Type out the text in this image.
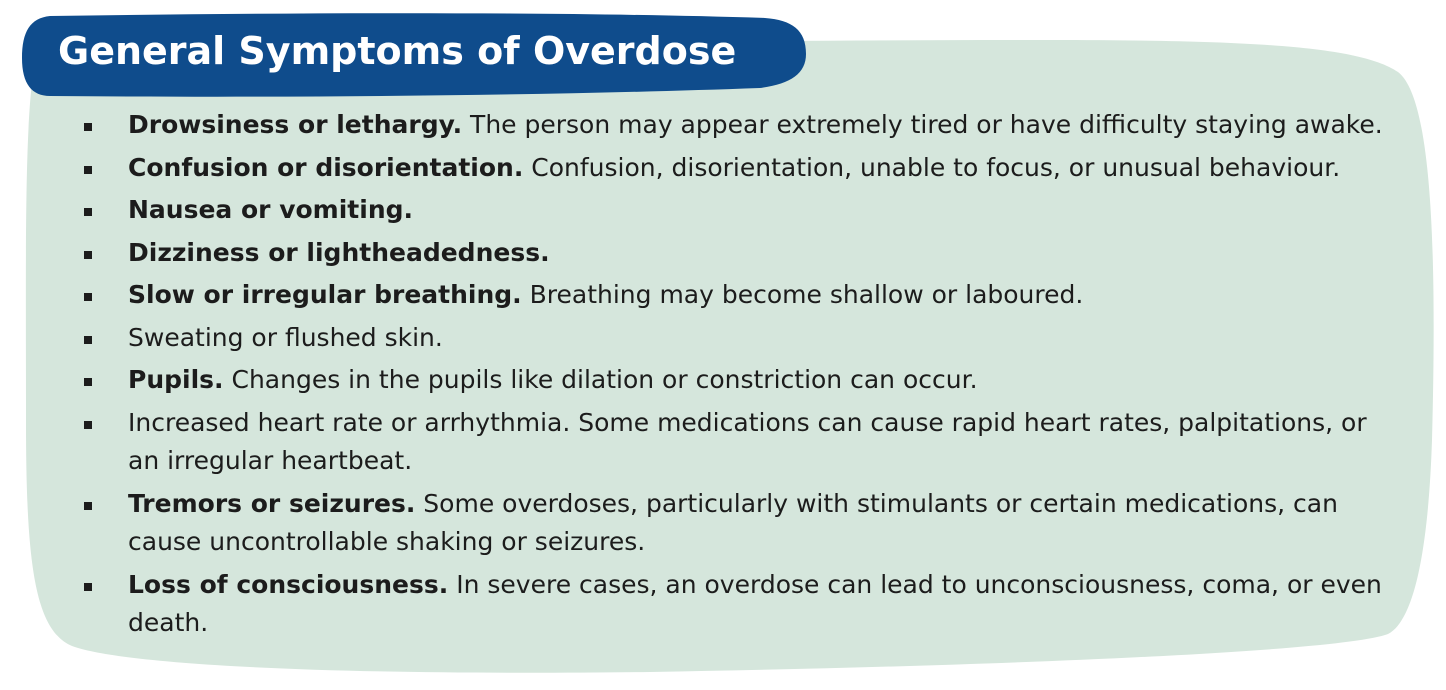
General Symptoms of Overdose
Drowsiness or lethargy. The person may appear extremely tired or have difficulty staying awake.
Confusion or disorientation. Confusion, disorientation, unable to focus, or unusual behaviour.
Nausea or vomiting.
Dizziness or lightheadedness.
Slow or irregular breathing. Breathing may become shallow or laboured.
Sweating or flushed skin.
Pupils. Changes in the pupils like dilation or constriction can occur.
Increased heart rate or arrhythmia. Some medications can cause rapid heart rates, palpitations, or an irregular heartbeat.
Tremors or seizures. Some overdoses, particularly with stimulants or certain medications, can cause uncontrollable shaking or seizures.
Loss of consciousness. In severe cases, an overdose can lead to unconsciousness, coma, or even death.
